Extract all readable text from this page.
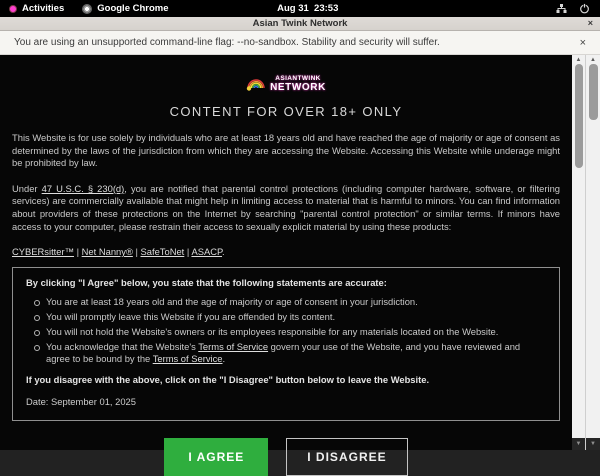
Activities	Google Chrome	Aug 31  23:53

Asian Twink Network	×
You are using an unsupported command-line flag: --no-sandbox. Stability and security will suffer.	×
ASIANTWINK
NETWORK
CONTENT FOR OVER 18+ ONLY

This Website is for use solely by individuals who are at least 18 years old and have reached the age of majority or age of consent as determined by the laws of the jurisdiction from which they are accessing the Website. Accessing this Website while underage might be prohibited by law.

Under 47 U.S.C. § 230(d), you are notified that parental control protections (including computer hardware, software, or filtering services) are commercially available that might help in limiting access to material that is harmful to minors. You can find information about providers of these protections on the Internet by searching "parental control protection" or similar terms. If minors have access to your computer, please restrain their access to sexually explicit material by using these products:

CYBERsitter™ | Net Nanny® | SafeToNet | ASACP.

By clicking "I Agree" below, you state that the following statements are accurate:

You are at least 18 years old and the age of majority or age of consent in your jurisdiction.
You will promptly leave this Website if you are offended by its content.
You will not hold the Website's owners or its employees responsible for any materials located on the Website.
You acknowledge that the Website's Terms of Service govern your use of the Website, and you have reviewed and agree to be bound by the Terms of Service.

If you disagree with the above, click on the "I Disagree" button below to leave the Website.

Date: September 01, 2025

I AGREE	I DISAGREE
▲
▼
▲
▼
